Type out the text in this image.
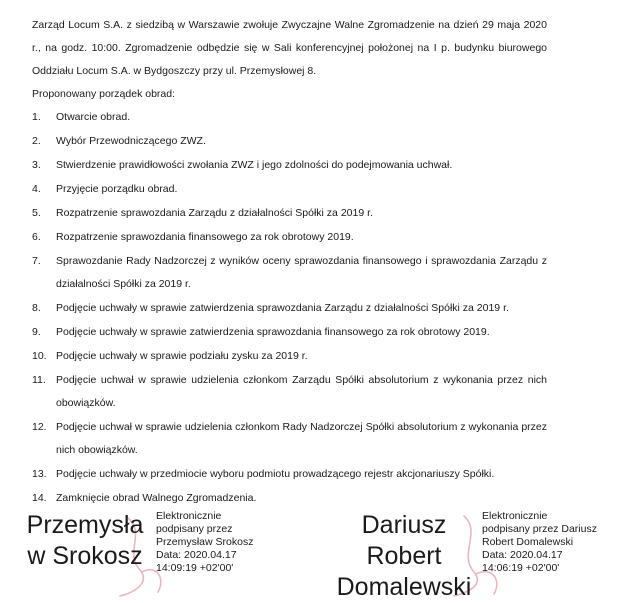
Zarząd Locum S.A. z siedzibą w Warszawie zwołuje Zwyczajne Walne Zgromadzenie na dzień 29 maja 2020 r., na godz. 10:00. Zgromadzenie odbędzie się w Sali konferencyjnej położonej na I p. budynku biurowego Oddziału Locum S.A. w Bydgoszczy przy ul. Przemysłowej 8.

Proponowany porządek obrad:

1.	Otwarcie obrad.
2.	Wybór Przewodniczącego ZWZ.
3.	Stwierdzenie prawidłowości zwołania ZWZ i jego zdolności do podejmowania uchwał.
4.	Przyjęcie porządku obrad.
5.	Rozpatrzenie sprawozdania Zarządu z działalności Spółki za 2019 r.
6.	Rozpatrzenie sprawozdania finansowego za rok obrotowy 2019.
7.	Sprawozdanie Rady Nadzorczej z wyników oceny sprawozdania finansowego i sprawozdania Zarządu z działalności Spółki za 2019 r.
8.	Podjęcie uchwały w sprawie zatwierdzenia sprawozdania Zarządu z działalności Spółki za 2019 r.
9.	Podjęcie uchwały w sprawie zatwierdzenia sprawozdania finansowego za rok obrotowy 2019.
10. Podjęcie uchwały w sprawie podziału zysku za 2019 r.
11. Podjęcie uchwał w sprawie udzielenia członkom Zarządu Spółki absolutorium z wykonania przez nich obowiązków.
12. Podjęcie uchwał w sprawie udzielenia członkom Rady Nadzorczej Spółki absolutorium z wykonania przez nich obowiązków.
13. Podjęcie uchwały w przedmiocie wyboru podmiotu prowadzącego rejestr akcjonariuszy Spółki.
14. Zamknięcie obrad Walnego Zgromadzenia.
Przemysła
w Srokosz
Elektronicznie
podpisany przez
Przemysław Srokosz
Data: 2020.04.17
14:09:19 +02'00'
Dariusz
Robert
Domalewski
Elektronicznie
podpisany przez Dariusz
Robert Domalewski
Data: 2020.04.17
14:06:19 +02'00'
